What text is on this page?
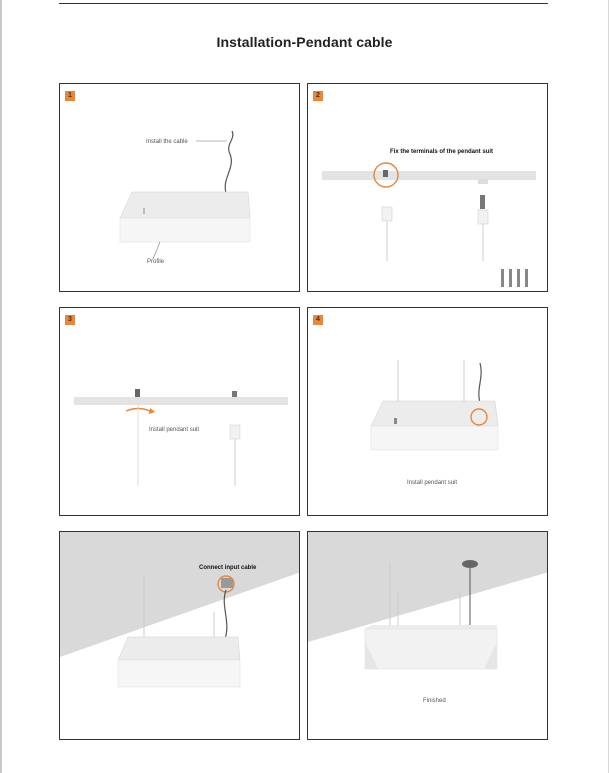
Installation-Pendant cable
1
Install the cable
Profile
2
Fix the terminals of the pendant suit
3
Install pendant suit
4
Install pendant suit
Connect input cable
Finished
